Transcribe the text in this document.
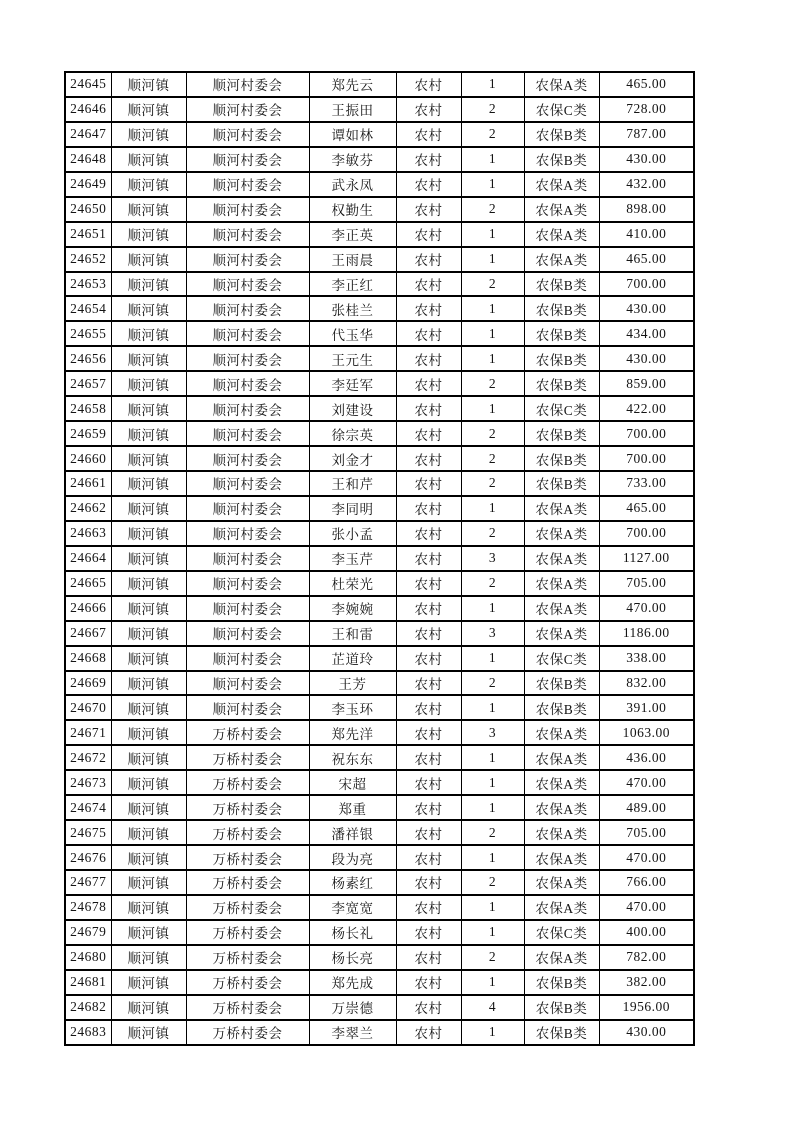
24645	顺河镇	顺河村委会	郑先云	农村	1	农保A类	465.00
24646	顺河镇	顺河村委会	王振田	农村	2	农保C类	728.00
24647	顺河镇	顺河村委会	谭如林	农村	2	农保B类	787.00
24648	顺河镇	顺河村委会	李敏芬	农村	1	农保B类	430.00
24649	顺河镇	顺河村委会	武永凤	农村	1	农保A类	432.00
24650	顺河镇	顺河村委会	权勤生	农村	2	农保A类	898.00
24651	顺河镇	顺河村委会	李正英	农村	1	农保A类	410.00
24652	顺河镇	顺河村委会	王雨晨	农村	1	农保A类	465.00
24653	顺河镇	顺河村委会	李正红	农村	2	农保B类	700.00
24654	顺河镇	顺河村委会	张桂兰	农村	1	农保B类	430.00
24655	顺河镇	顺河村委会	代玉华	农村	1	农保B类	434.00
24656	顺河镇	顺河村委会	王元生	农村	1	农保B类	430.00
24657	顺河镇	顺河村委会	李廷军	农村	2	农保B类	859.00
24658	顺河镇	顺河村委会	刘建设	农村	1	农保C类	422.00
24659	顺河镇	顺河村委会	徐宗英	农村	2	农保B类	700.00
24660	顺河镇	顺河村委会	刘金才	农村	2	农保B类	700.00
24661	顺河镇	顺河村委会	王和芹	农村	2	农保B类	733.00
24662	顺河镇	顺河村委会	李同明	农村	1	农保A类	465.00
24663	顺河镇	顺河村委会	张小孟	农村	2	农保A类	700.00
24664	顺河镇	顺河村委会	李玉芹	农村	3	农保A类	1127.00
24665	顺河镇	顺河村委会	杜荣光	农村	2	农保A类	705.00
24666	顺河镇	顺河村委会	李婉婉	农村	1	农保A类	470.00
24667	顺河镇	顺河村委会	王和雷	农村	3	农保A类	1186.00
24668	顺河镇	顺河村委会	芷道玲	农村	1	农保C类	338.00
24669	顺河镇	顺河村委会	王芳	农村	2	农保B类	832.00
24670	顺河镇	顺河村委会	李玉环	农村	1	农保B类	391.00
24671	顺河镇	万桥村委会	郑先洋	农村	3	农保A类	1063.00
24672	顺河镇	万桥村委会	祝东东	农村	1	农保A类	436.00
24673	顺河镇	万桥村委会	宋超	农村	1	农保A类	470.00
24674	顺河镇	万桥村委会	郑重	农村	1	农保A类	489.00
24675	顺河镇	万桥村委会	潘祥银	农村	2	农保A类	705.00
24676	顺河镇	万桥村委会	段为亮	农村	1	农保A类	470.00
24677	顺河镇	万桥村委会	杨素红	农村	2	农保A类	766.00
24678	顺河镇	万桥村委会	李宽宽	农村	1	农保A类	470.00
24679	顺河镇	万桥村委会	杨长礼	农村	1	农保C类	400.00
24680	顺河镇	万桥村委会	杨长亮	农村	2	农保A类	782.00
24681	顺河镇	万桥村委会	郑先成	农村	1	农保B类	382.00
24682	顺河镇	万桥村委会	万崇德	农村	4	农保B类	1956.00
24683	顺河镇	万桥村委会	李翠兰	农村	1	农保B类	430.00
